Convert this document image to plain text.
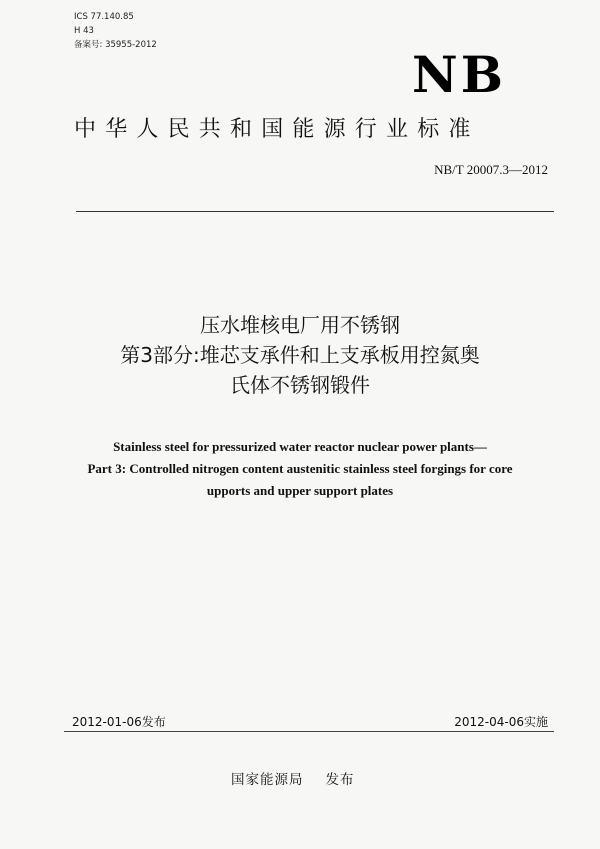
ICS 77.140.85
H 43
备案号: 35955-2012	NB
中华人民共和国能源行业标准
NB/T 20007.3—2012
压水堆核电厂用不锈钢
第3部分:堆芯支承件和上支承板用控氮奥
氏体不锈钢锻件
Stainless steel for pressurized water reactor nuclear power plants—
Part 3: Controlled nitrogen content austenitic stainless steel forgings for core
upports and upper support plates
2012-01-06发布	2012-04-06实施
国家能源局 发布
